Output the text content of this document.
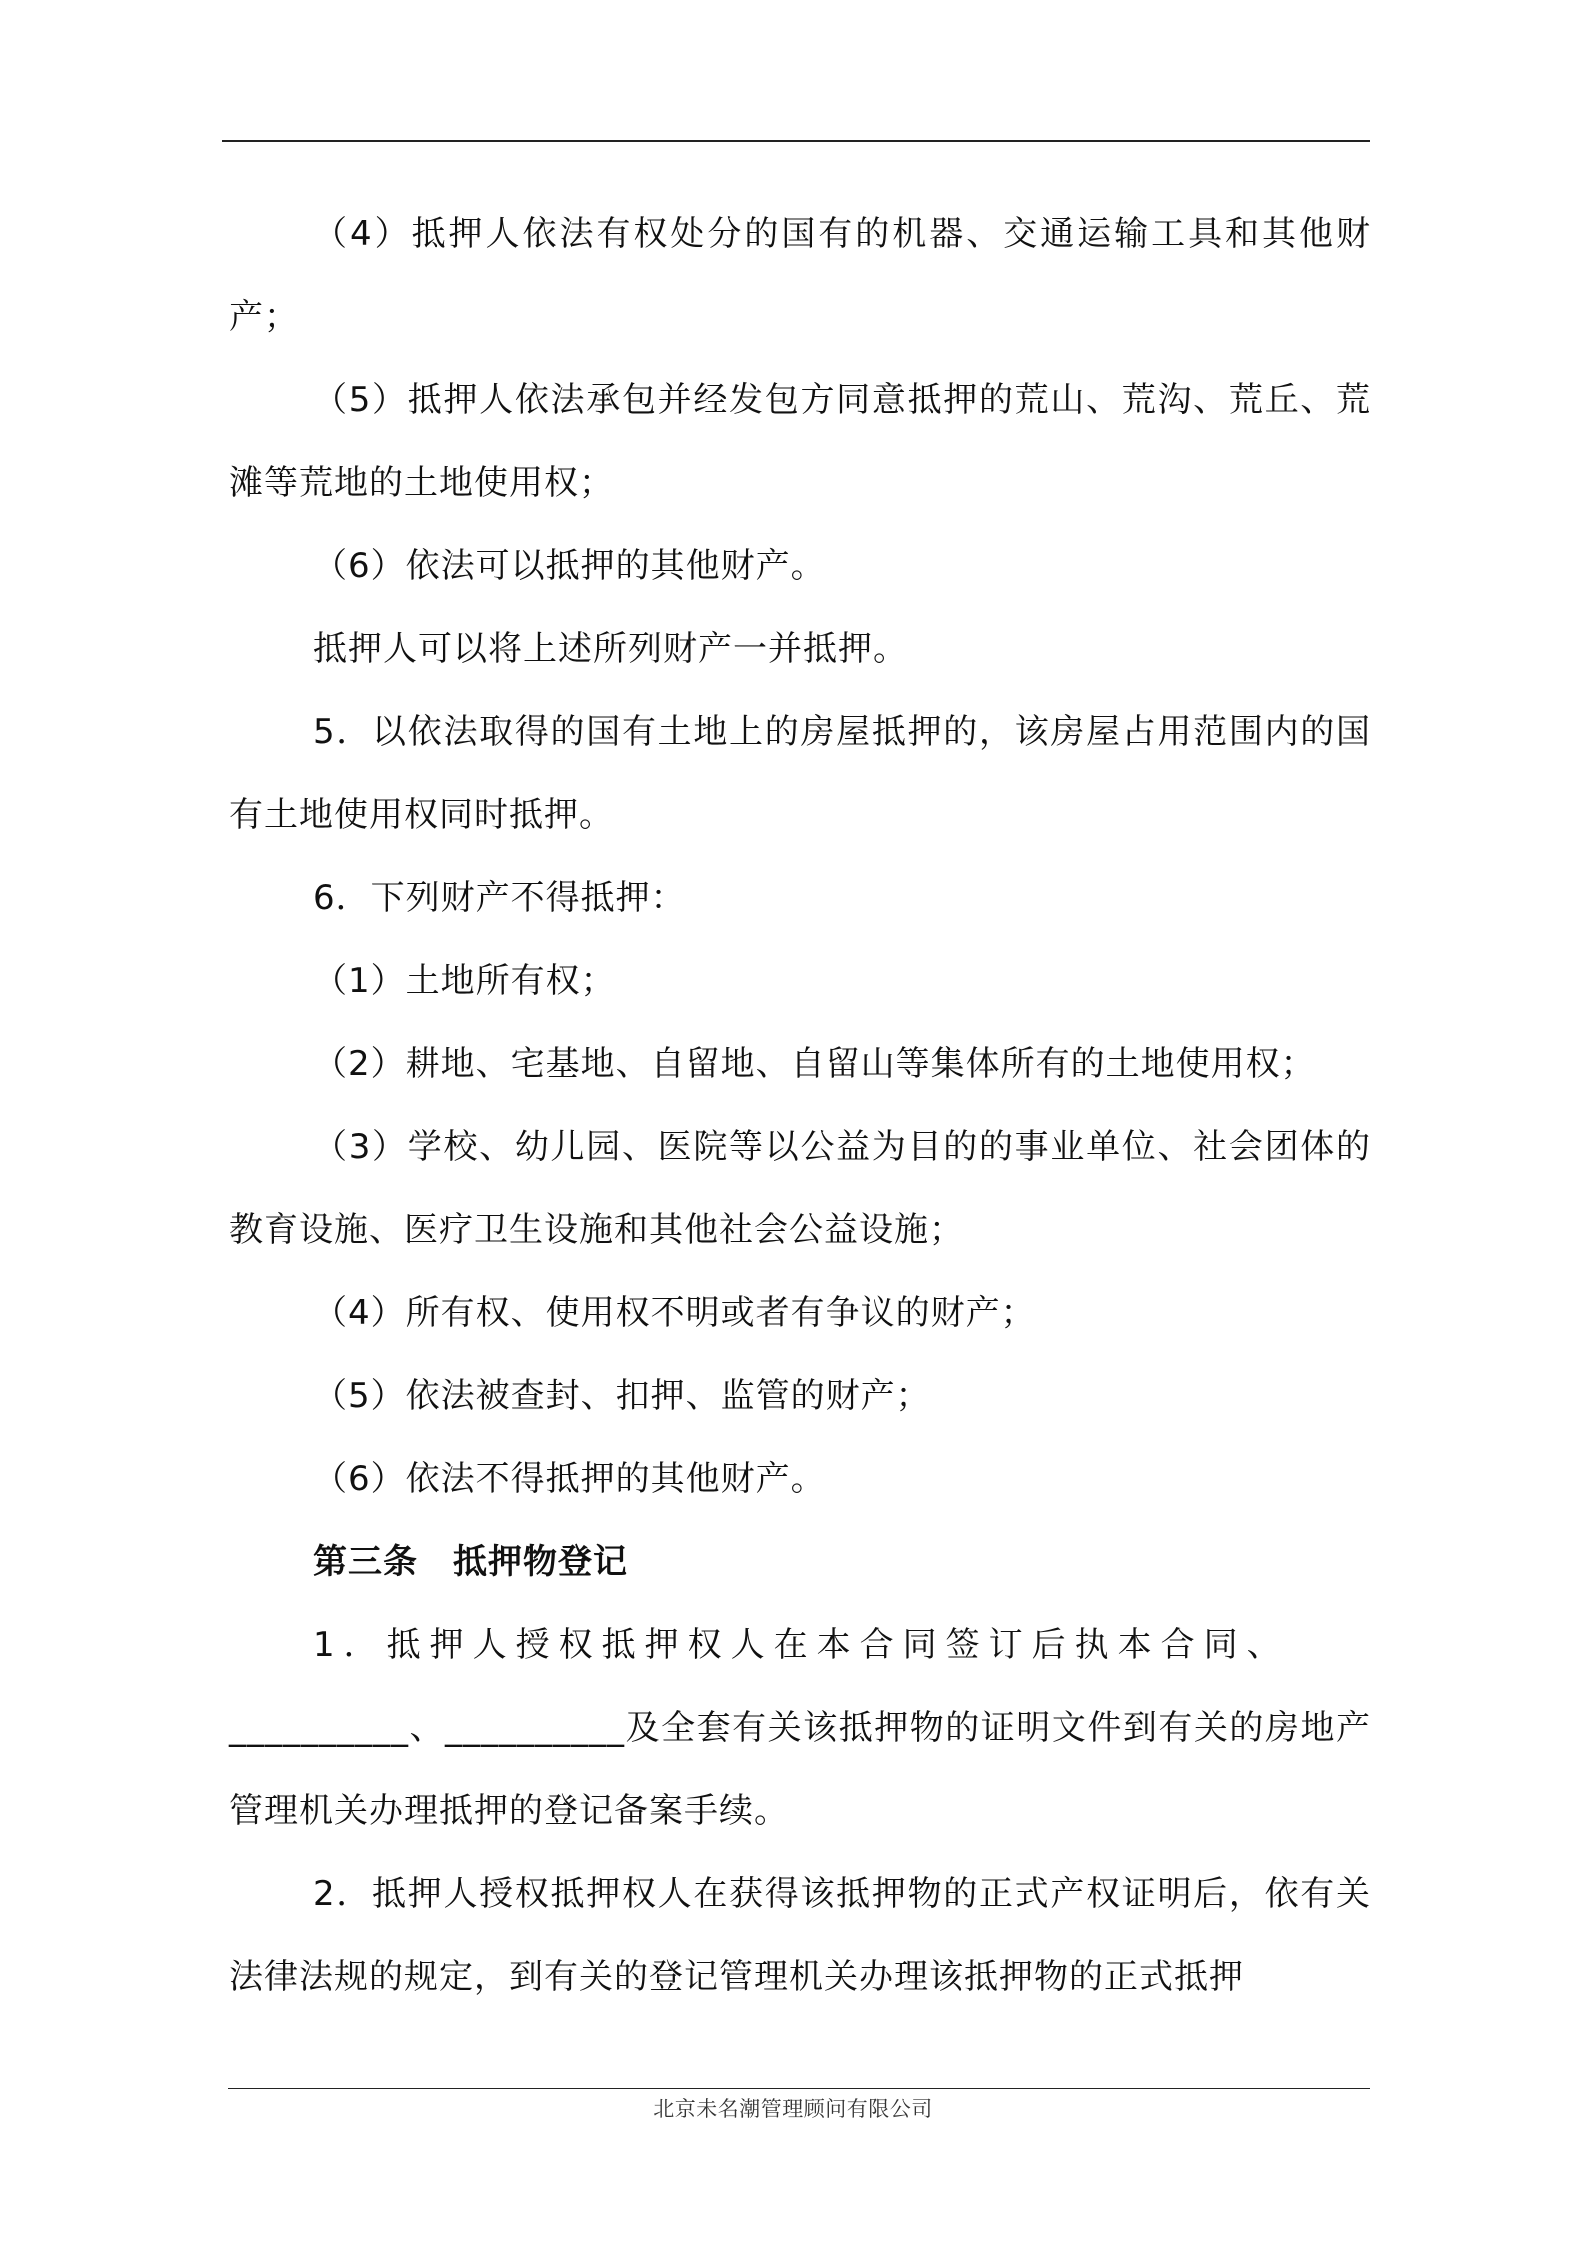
（4）抵押人依法有权处分的国有的机器、交通运输工具和其他财产；

（5）抵押人依法承包并经发包方同意抵押的荒山、荒沟、荒丘、荒滩等荒地的土地使用权；

（6）依法可以抵押的其他财产。

抵押人可以将上述所列财产一并抵押。

5．以依法取得的国有土地上的房屋抵押的，该房屋占用范围内的国有土地使用权同时抵押。

6．下列财产不得抵押：

（1）土地所有权；

（2）耕地、宅基地、自留地、自留山等集体所有的土地使用权；

（3）学校、幼儿园、医院等以公益为目的的事业单位、社会团体的教育设施、医疗卫生设施和其他社会公益设施；

（4）所有权、使用权不明或者有争议的财产；

（5）依法被查封、扣押、监管的财产；

（6）依法不得抵押的其他财产。

第三条　抵押物登记

1．抵押人授权抵押权人在本合同签订后执本合同、

__________、__________及全套有关该抵押物的证明文件到有关的房地产管理机关办理抵押的登记备案手续。

2．抵押人授权抵押权人在获得该抵押物的正式产权证明后，依有关法律法规的规定，到有关的登记管理机关办理该抵押物的正式抵押

北京未名潮管理顾问有限公司
